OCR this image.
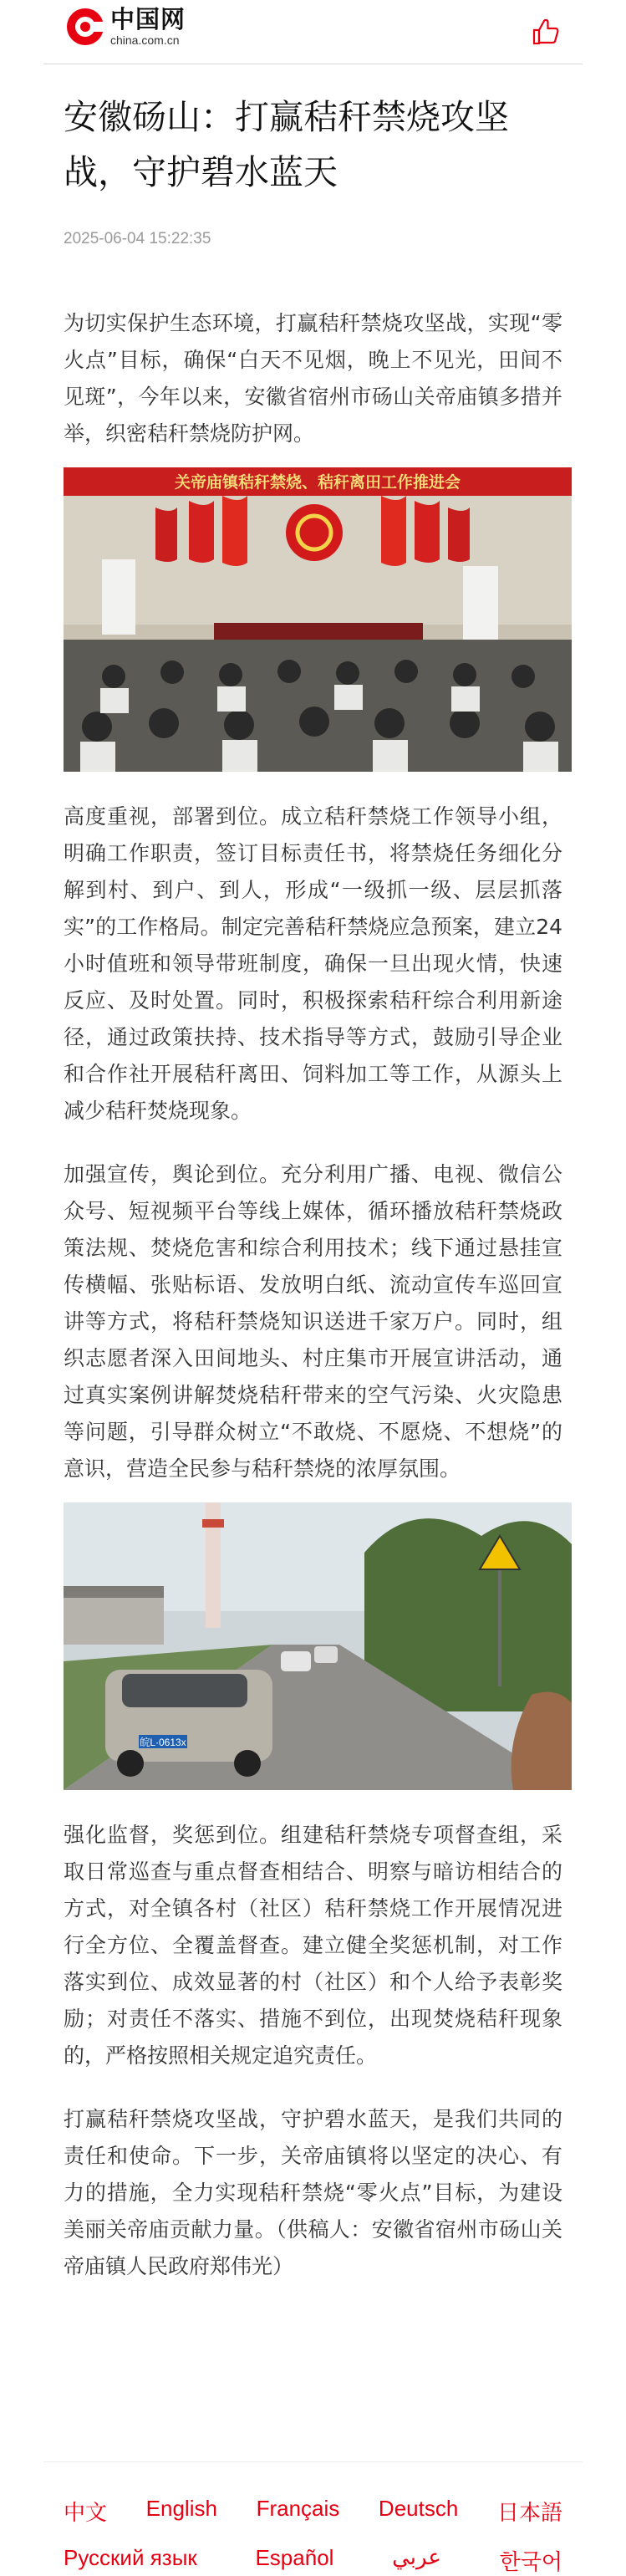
中国网
china.com.cn
安徽砀山：打赢秸秆禁烧攻坚战，守护碧水蓝天
2025-06-04 15:22:35

为切实保护生态环境，打赢秸秆禁烧攻坚战，实现“零火点”目标，确保“白天不见烟，晚上不见光，田间不见斑”，今年以来，安徽省宿州市砀山关帝庙镇多措并举，织密秸秆禁烧防护网。

关帝庙镇秸秆禁烧、秸秆离田工作推进会

高度重视，部署到位。成立秸秆禁烧工作领导小组，明确工作职责，签订目标责任书，将禁烧任务细化分解到村、到户、到人，形成“一级抓一级、层层抓落实”的工作格局。制定完善秸秆禁烧应急预案，建立24小时值班和领导带班制度，确保一旦出现火情，快速反应、及时处置。同时，积极探索秸秆综合利用新途径，通过政策扶持、技术指导等方式，鼓励引导企业和合作社开展秸秆离田、饲料加工等工作，从源头上减少秸秆焚烧现象。

加强宣传，舆论到位。充分利用广播、电视、微信公众号、短视频平台等线上媒体，循环播放秸秆禁烧政策法规、焚烧危害和综合利用技术；线下通过悬挂宣传横幅、张贴标语、发放明白纸、流动宣传车巡回宣讲等方式，将秸秆禁烧知识送进千家万户。同时，组织志愿者深入田间地头、村庄集市开展宣讲活动，通过真实案例讲解焚烧秸秆带来的空气污染、火灾隐患等问题，引导群众树立“不敢烧、不愿烧、不想烧”的意识，营造全民参与秸秆禁烧的浓厚氛围。

皖L·0613x

强化监督，奖惩到位。组建秸秆禁烧专项督查组，采取日常巡查与重点督查相结合、明察与暗访相结合的方式，对全镇各村（社区）秸秆禁烧工作开展情况进行全方位、全覆盖督查。建立健全奖惩机制，对工作落实到位、成效显著的村（社区）和个人给予表彰奖励；对责任不落实、措施不到位，出现焚烧秸秆现象的，严格按照相关规定追究责任。

打赢秸秆禁烧攻坚战，守护碧水蓝天，是我们共同的责任和使命。下一步，关帝庙镇将以坚定的决心、有力的措施，全力实现秸秆禁烧“零火点”目标，为建设美丽关帝庙贡献力量。（供稿人：安徽省宿州市砀山关帝庙镇人民政府郑伟光）

中文 English Français Deutsch 日本語
Русский язык	Español	عربي	한국어
